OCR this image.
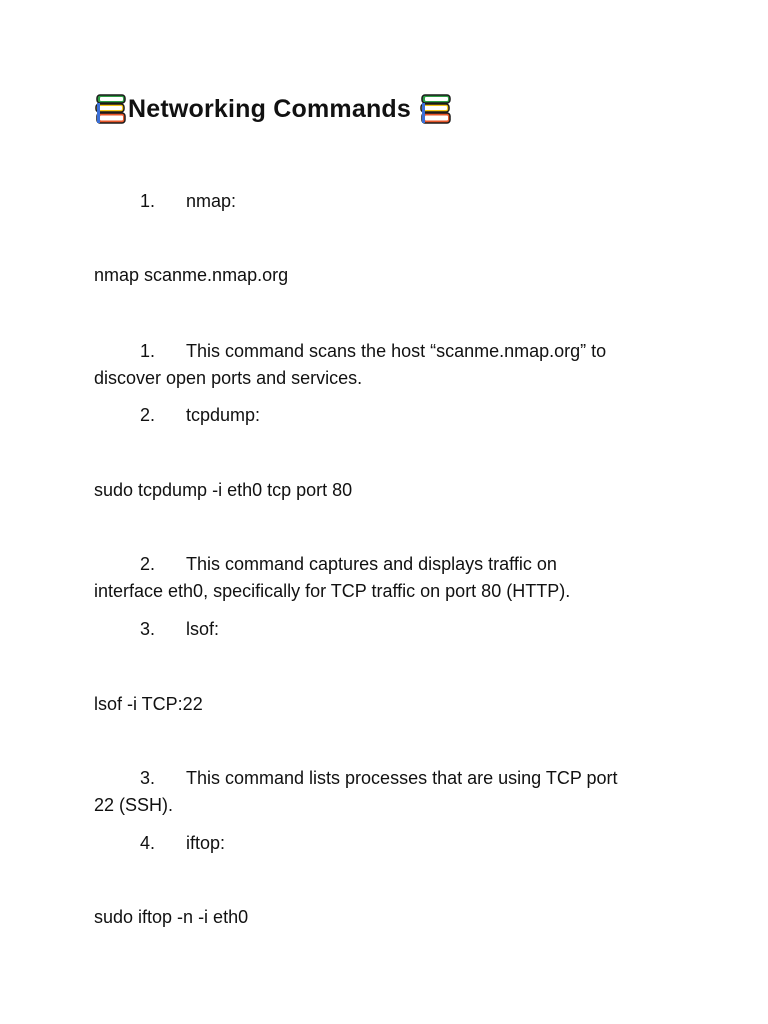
Networking Commands
1. nmap:
nmap scanme.nmap.org
1. This command scans the host “scanme.nmap.org” to
discover open ports and services.
2. tcpdump:
sudo tcpdump -i eth0 tcp port 80
2. This command captures and displays traffic on
interface eth0, specifically for TCP traffic on port 80 (HTTP).
3. lsof:
lsof -i TCP:22
3. This command lists processes that are using TCP port
22 (SSH).
4. iftop:
sudo iftop -n -i eth0
